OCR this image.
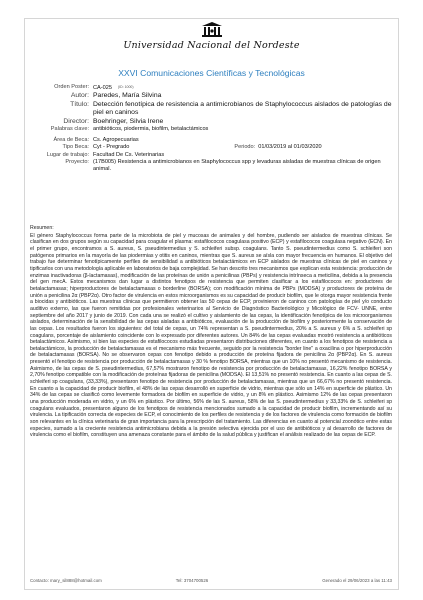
Universidad Nacional del Nordeste
XXVI Comunicaciones Científicas y Tecnológicas
Orden Poster: CA-025 (ID: 1000)
Autor: Paredes, María Silvina
Título: Detección fenotípica de resistencia a antimicrobianos de Staphylococcus aislados de patologías de piel en caninos
Director: Boehringer, Silvia Irene
Palabras clave: antibióticos, piodermia, biofilm, betalactámicos
Área de Beca: Cs. Agropecuarias
Tipo Beca: Cyt - Pregrado	Periodo: 01/03/2019 al 01/03/2020
Lugar de trabajo: Facultad De Cs. Veterinarias
Proyecto: (17B005) Resistencia a antimicrobianos en Staphylococcus spp y levaduras aisladas de muestras clínicas de origen animal.
Resumen:

El género Staphylococcus forma parte de la microbiota de piel y mucosas de animales y del hombre, pudiendo ser aislados de muestras clínicas. Se clasifican en dos grupos según su capacidad para coagular el plasma: estafilococos coagulasa positivo (ECP) y estafilococos coagulasa negativo (ECN). En el primer grupo, encontramos a S. aureus, S. pseudintermedius y S. schleiferi subsp. coagulans. Tanto S. pseudintermedius como S. schleiferi son patógenos primarios en la mayoría de las piodermias y otitis en caninos, mientras que S. aureus se aísla con mayor frecuencia en humanos. El objetivo del trabajo fue determinar fenotípicamente perfiles de sensibilidad a antibióticos betalactámicos en ECP aislados de muestras clínicas de piel en caninos y tipificarlos con una metodología aplicable en laboratorios de baja complejidad. Se han descrito tres mecanismos que explican esta resistencia: producción de enzimas inactivadoras (β-lactamasas), modificación de las proteínas de unión a penicilinas (PBPs) y resistencia intrínseca a meticilina, debida a la presencia del gen mecA. Estos mecanismos dan lugar a distintos fenotipos de resistencia que permiten clasificar a los estafilococos en: productores de betalactamasas; hiperproductores de betalactamasas o borderline (BORSA); con modificación mínima de PBPs (MODSA) y productores de proteína de unión a penicilina 2α (PBP2α). Otro factor de virulencia en estos microorganismos es su capacidad de producir biofilm, que le otorga mayor resistencia frente a biocidas y antibióticos. Las muestras clínicas que permitieron obtener las 50 cepas de ECP, provinieron de caninos con patologías de piel y/o conducto auditivo externo, las que fueron remitidas por profesionales veterinarios al Servicio de Diagnóstico Bacteriológico y Micológico de FCV- UNNE, entre septiembre del año 2017 y junio de 2019. Con cada una se realizó el cultivo y aislamiento de las cepas, la identificación fenotípica de los microorganismos aislados, determinación de la sensibilidad de las cepas aisladas a antibióticos, evaluación de la producción de biofilm y posteriormente la conservación de las cepas. Los resultados fueron los siguientes: del total de cepas, un 74% representan a S. pseudintermedius, 20% a S. aureus y 6% a S. schleiferi sp coagulans, porcentaje de aislamiento coincidente con lo expresado por diferentes autores. Un 84% de las cepas evaluadas mostró resistencia a antibióticos betalactámicos. Asimismo, si bien las especies de estafilococos estudiadas presentaron distribuciones diferentes, en cuanto a los fenotipos de resistencia a betalactámicos, la producción de betalactamasas es el mecanismo más frecuente, seguido por la resistencia "border line" a oxacilina o por hiperproducción de betalactamasas (BORSA). No se observaron cepas con fenotipo debido a producción de proteína fijadora de penicilina 2α (PBP2α). En S. aureus presentó el fenotipo de resistencia por producción de betalactamasas y 30 % fenotipo BORSA, mientras que un 10% no presentó mecanismo de resistencia. Asimismo, de las cepas de S. pseudintermedius, 67,57% mostraron fenotipo de resistencia por producción de betalactamasas, 16,22% fenotipo BORSA y 2,70% fenotipo compatible con la modificación de proteínas fijadoras de penicilina (MODSA). El 13,51% no presentó resistencia. En cuanto a las cepas de S. schleiferi sp coagulans, (33,33%), presentaron fenotipo de resistencia por producción de betalactamasas, mientras que un 66,67% no presentó resistencia. En cuanto a la capacidad de producir biofilm, el 48% de las cepas desarrolló en superficie de vidrio, mientras que sólo un 14% en superficie de plástico. Un 34% de las cepas se clasificó como levemente formadora de biofilm en superficie de vidrio, y un 8% en plástico. Asimismo 12% de las cepas presentaron una producción moderada en vidrio, y un 6% en plástico. Por último, 56% de las S. aureus, 58% de las S. pseudintermedius y 33,33% de S. schleiferi sp coagulans evaluados, presentaron alguno de los fenotipos de resistencia mencionados sumado a la capacidad de producir biofilm, incrementando así su virulencia. La tipificación correcta de especies de ECP, el conocimiento de los perfiles de resistencia y de los factores de virulencia como formación de biofilm son relevantes en la clínica veterinaria de gran importancia para la prescripción del tratamiento. Las diferencias en cuanto al potencial zoonótico entre estas especies, sumado a la creciente resistencia antimicrobiana debida a la presión selectiva ejercida por el uso de antibióticos y al desarrollo de factores de virulencia como el biofilm, constituyen una amenaza constante para el ámbito de la salud pública y justifican el análisis realizado de las cepas de ECP.

Contacto: mary_sil888@hotmail.com	Tel: 3704700526	Generado el 29/06/2023 a las 11:43
